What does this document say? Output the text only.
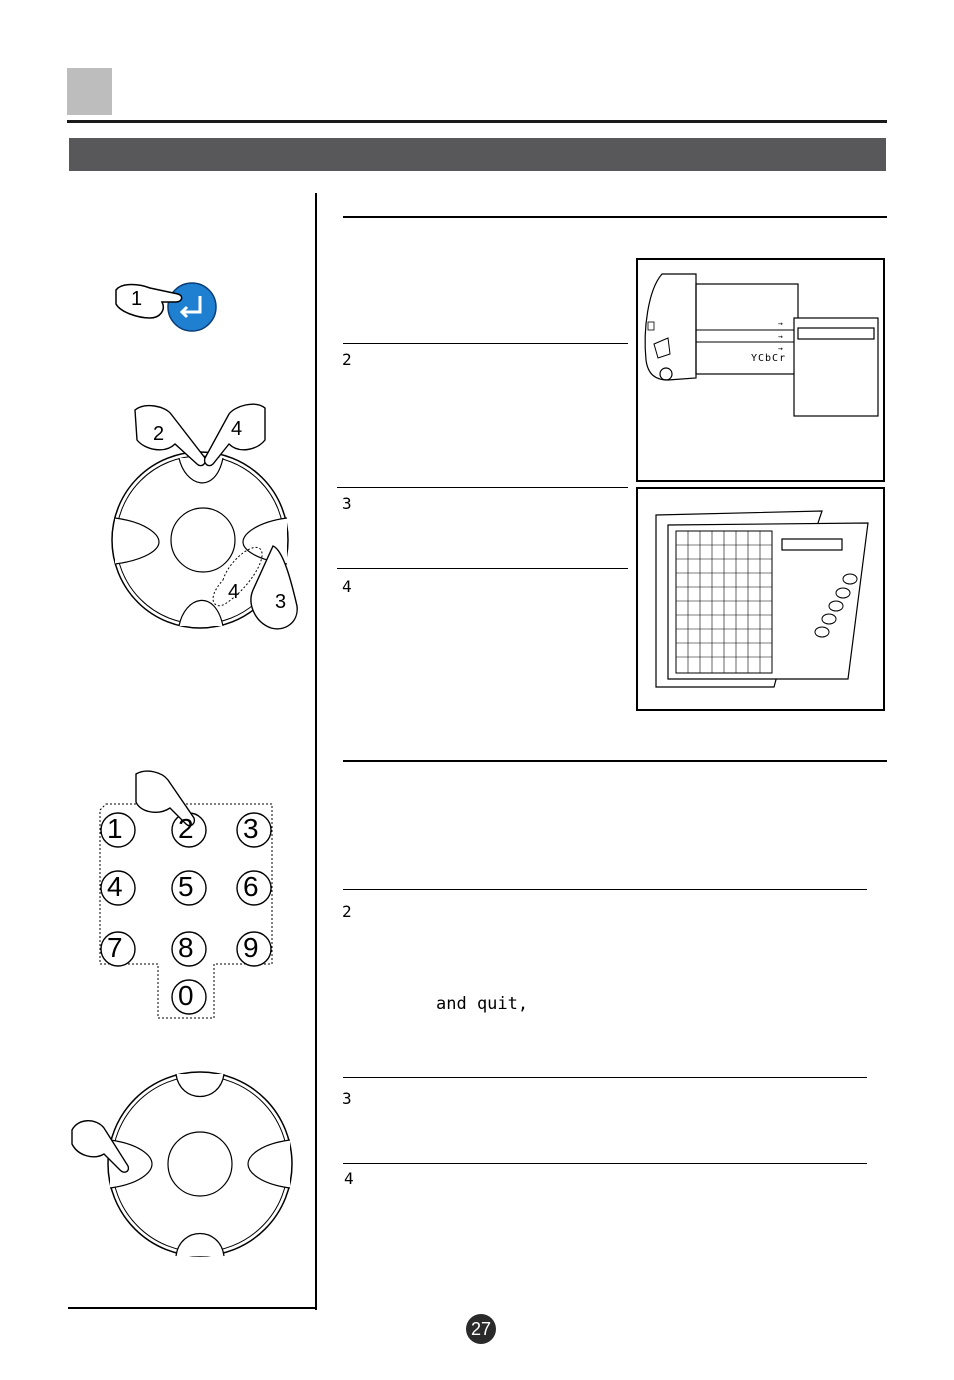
2
3
4
2
3
4
and quit,
→
→
→
YCbCr
1
2	4
4 3
1 2 3
4 5 6
7 8 9
0
27
